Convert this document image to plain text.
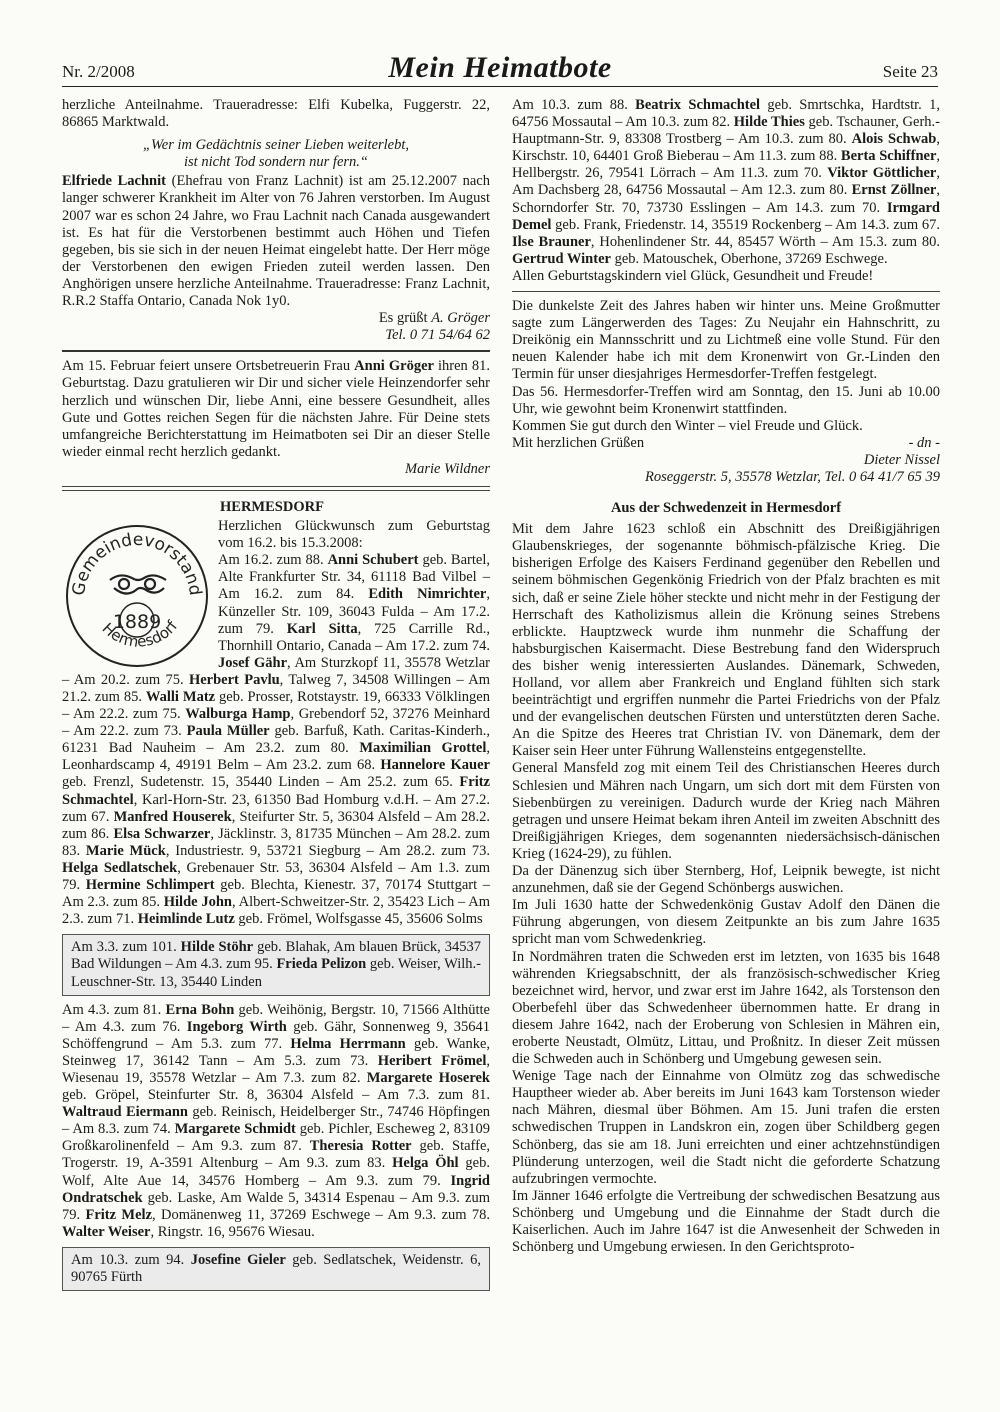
Nr. 2/2008	Mein Heimatbote	Seite 23

herzliche Anteilnahme. Traueradresse: Elfi Kubelka, Fuggerstr. 22, 86865 Marktwald.

„Wer im Gedächtnis seiner Lieben weiterlebt,
ist nicht Tod sondern nur fern.“

Elfriede Lachnit (Ehefrau von Franz Lachnit) ist am 25.12.2007 nach langer schwerer Krankheit im Alter von 76 Jahren verstorben. Im August 2007 war es schon 24 Jahre, wo Frau Lachnit nach Canada ausgewandert ist. Es hat für die Verstorbenen bestimmt auch Höhen und Tiefen gegeben, bis sie sich in der neuen Heimat eingelebt hatte. Der Herr möge der Verstorbenen den ewigen Frieden zuteil werden lassen. Den Anghörigen unsere herzliche Anteilnahme. Traueradresse: Franz Lachnit, R.R.2 Staffa Ontario, Canada Nok 1y0.

Es grüßt A. Gröger
Tel. 0 71 54/64 62

Am 15. Februar feiert unsere Ortsbetreuerin Frau Anni Gröger ihren 81. Geburtstag. Dazu gratulieren wir Dir und sicher viele Heinzendorfer sehr herzlich und wünschen Dir, liebe Anni, eine bessere Gesundheit, alles Gute und Gottes reichen Segen für die nächsten Jahre. Für Deine stets umfangreiche Berichterstattung im Heimatboten sei Dir an dieser Stelle wieder einmal recht herzlich gedankt.

Marie Wildner
HERMESDORF
Gemeindevorstand
Hermesdorf
1889

Herzlichen Glückwunsch zum Geburtstag vom 16.2. bis 15.3.2008:

Am 16.2. zum 88. Anni Schubert geb. Bartel, Alte Frankfurter Str. 34, 61118 Bad Vilbel – Am 16.2. zum 84. Edith Nimrichter, Künzeller Str. 109, 36043 Fulda – Am 17.2. zum 79. Karl Sitta, 725 Carrille Rd., Thornhill Ontario, Canada – Am 17.2. zum 74. Josef Gähr, Am Sturzkopf 11, 35578 Wetzlar – Am 20.2. zum 75. Herbert Pavlu, Talweg 7, 34508 Willingen – Am 21.2. zum 85. Walli Matz geb. Prosser, Rotstaystr. 19, 66333 Völklingen – Am 22.2. zum 75. Walburga Hamp, Grebendorf 52, 37276 Meinhard – Am 22.2. zum 73. Paula Müller geb. Barfuß, Kath. Caritas-Kinderh., 61231 Bad Nauheim – Am 23.2. zum 80. Maximilian Grottel, Leonhardscamp 4, 49191 Belm – Am 23.2. zum 68. Hannelore Kauer geb. Frenzl, Sudetenstr. 15, 35440 Linden – Am 25.2. zum 65. Fritz Schmachtel, Karl-Horn-Str. 23, 61350 Bad Homburg v.d.H. – Am 27.2. zum 67. Manfred Houserek, Steifurter Str. 5, 36304 Alsfeld – Am 28.2. zum 86. Elsa Schwarzer, Jäcklinstr. 3, 81735 München – Am 28.2. zum 83. Marie Mück, Industriestr. 9, 53721 Siegburg – Am 28.2. zum 73. Helga Sedlatschek, Grebenauer Str. 53, 36304 Alsfeld – Am 1.3. zum 79. Hermine Schlimpert geb. Blechta, Kienestr. 37, 70174 Stuttgart – Am 2.3. zum 85. Hilde John, Albert-Schweitzer-Str. 2, 35423 Lich – Am 2.3. zum 71. Heimlinde Lutz geb. Frömel, Wolfsgasse 45, 35606 Solms

Am 3.3. zum 101. Hilde Stöhr geb. Blahak, Am blauen Brück, 34537 Bad Wildungen – Am 4.3. zum 95. Frieda Pelizon geb. Weiser, Wilh.-Leuschner-Str. 13, 35440 Linden

Am 4.3. zum 81. Erna Bohn geb. Weihönig, Bergstr. 10, 71566 Althütte – Am 4.3. zum 76. Ingeborg Wirth geb. Gähr, Sonnenweg 9, 35641 Schöffengrund – Am 5.3. zum 77. Helma Herrmann geb. Wanke, Steinweg 17, 36142 Tann – Am 5.3. zum 73. Heribert Frömel, Wiesenau 19, 35578 Wetzlar – Am 7.3. zum 82. Margarete Hoserek geb. Gröpel, Steinfurter Str. 8, 36304 Alsfeld – Am 7.3. zum 81. Waltraud Eiermann geb. Reinisch, Heidelberger Str., 74746 Höpfingen – Am 8.3. zum 74. Margarete Schmidt geb. Pichler, Escheweg 2, 83109 Großkarolinenfeld – Am 9.3. zum 87. Theresia Rotter geb. Staffe, Trogerstr. 19, A-3591 Altenburg – Am 9.3. zum 83. Helga Öhl geb. Wolf, Alte Aue 14, 34576 Homberg – Am 9.3. zum 79. Ingrid Ondratschek geb. Laske, Am Walde 5, 34314 Espenau – Am 9.3. zum 79. Fritz Melz, Domänenweg 11, 37269 Eschwege – Am 9.3. zum 78. Walter Weiser, Ringstr. 16, 95676 Wiesau.

Am 10.3. zum 94. Josefine Gieler geb. Sedlatschek, Weidenstr. 6, 90765 Fürth

Am 10.3. zum 88. Beatrix Schmachtel geb. Smrtschka, Hardtstr. 1, 64756 Mossautal – Am 10.3. zum 82. Hilde Thies geb. Tschauner, Gerh.-Hauptmann-Str. 9, 83308 Trostberg – Am 10.3. zum 80. Alois Schwab, Kirschstr. 10, 64401 Groß Bieberau – Am 11.3. zum 88. Berta Schiffner, Hellbergstr. 26, 79541 Lörrach – Am 11.3. zum 70. Viktor Göttlicher, Am Dachsberg 28, 64756 Mossautal – Am 12.3. zum 80. Ernst Zöllner, Schorndorfer Str. 70, 73730 Esslingen – Am 14.3. zum 70. Irmgard Demel geb. Frank, Friedenstr. 14, 35519 Rockenberg – Am 14.3. zum 67. Ilse Brauner, Hohenlindener Str. 44, 85457 Wörth – Am 15.3. zum 80. Gertrud Winter geb. Matouschek, Oberhone, 37269 Eschwege.

Allen Geburtstagskindern viel Glück, Gesundheit und Freude!

Die dunkelste Zeit des Jahres haben wir hinter uns. Meine Großmutter sagte zum Längerwerden des Tages: Zu Neujahr ein Hahnschritt, zu Dreikönig ein Mannsschritt und zu Lichtmeß eine volle Stund. Für den neuen Kalender habe ich mit dem Kronenwirt von Gr.-Linden den Termin für unser diesjahriges Hermesdorfer-Treffen festgelegt.

Das 56. Hermesdorfer-Treffen wird am Sonntag, den 15. Juni ab 10.00 Uhr, wie gewohnt beim Kronenwirt stattfinden.

Kommen Sie gut durch den Winter – viel Freude und Glück.

Mit herzlichen Grüßen	- dn -

Dieter Nissel
Roseggerstr. 5, 35578 Wetzlar, Tel. 0 64 41/7 65 39
Aus der Schwedenzeit in Hermesdorf

Mit dem Jahre 1623 schloß ein Abschnitt des Dreißigjährigen Glaubenskrieges, der sogenannte böhmisch-pfälzische Krieg. Die bisherigen Erfolge des Kaisers Ferdinand gegenüber den Rebellen und seinem böhmischen Gegenkönig Friedrich von der Pfalz brachten es mit sich, daß er seine Ziele höher steckte und nicht mehr in der Festigung der Herrschaft des Katholizismus allein die Krönung seines Strebens erblickte. Hauptzweck wurde ihm nunmehr die Schaffung der habsburgischen Kaisermacht. Diese Bestrebung fand den Widerspruch des bisher wenig interessierten Auslandes. Dänemark, Schweden, Holland, vor allem aber Frankreich und England fühlten sich stark beeinträchtigt und ergriffen nunmehr die Partei Friedrichs von der Pfalz und der evangelischen deutschen Fürsten und unterstützten deren Sache. An die Spitze des Heeres trat Christian IV. von Dänemark, dem der Kaiser sein Heer unter Führung Wallensteins entgegenstellte.

General Mansfeld zog mit einem Teil des Christianschen Heeres durch Schlesien und Mähren nach Ungarn, um sich dort mit dem Fürsten von Siebenbürgen zu vereinigen. Dadurch wurde der Krieg nach Mähren getragen und unsere Heimat bekam ihren Anteil im zweiten Abschnitt des Dreißigjährigen Krieges, dem sogenannten niedersächsisch-dänischen Krieg (1624-29), zu fühlen.

Da der Dänenzug sich über Sternberg, Hof, Leipnik bewegte, ist nicht anzunehmen, daß sie der Gegend Schönbergs auswichen.

Im Juli 1630 hatte der Schwedenkönig Gustav Adolf den Dänen die Führung abgerungen, von diesem Zeitpunkte an bis zum Jahre 1635 spricht man vom Schwedenkrieg.

In Nordmähren traten die Schweden erst im letzten, von 1635 bis 1648 währenden Kriegsabschnitt, der als französisch-schwedischer Krieg bezeichnet wird, hervor, und zwar erst im Jahre 1642, als Torstenson den Oberbefehl über das Schwedenheer übernommen hatte. Er drang in diesem Jahre 1642, nach der Eroberung von Schlesien in Mähren ein, eroberte Neustadt, Olmütz, Littau, und Proßnitz. In dieser Zeit müssen die Schweden auch in Schönberg und Umgebung gewesen sein.

Wenige Tage nach der Einnahme von Olmütz zog das schwedische Hauptheer wieder ab. Aber bereits im Juni 1643 kam Torstenson wieder nach Mähren, diesmal über Böhmen. Am 15. Juni trafen die ersten schwedischen Truppen in Landskron ein, zogen über Schildberg gegen Schönberg, das sie am 18. Juni erreichten und einer achtzehnstündigen Plünderung unterzogen, weil die Stadt nicht die geforderte Schatzung aufzubringen vermochte.

Im Jänner 1646 erfolgte die Vertreibung der schwedischen Besatzung aus Schönberg und Umgebung und die Einnahme der Stadt durch die Kaiserlichen. Auch im Jahre 1647 ist die Anwesenheit der Schweden in Schönberg und Umgebung erwiesen. In den Gerichtsproto-
